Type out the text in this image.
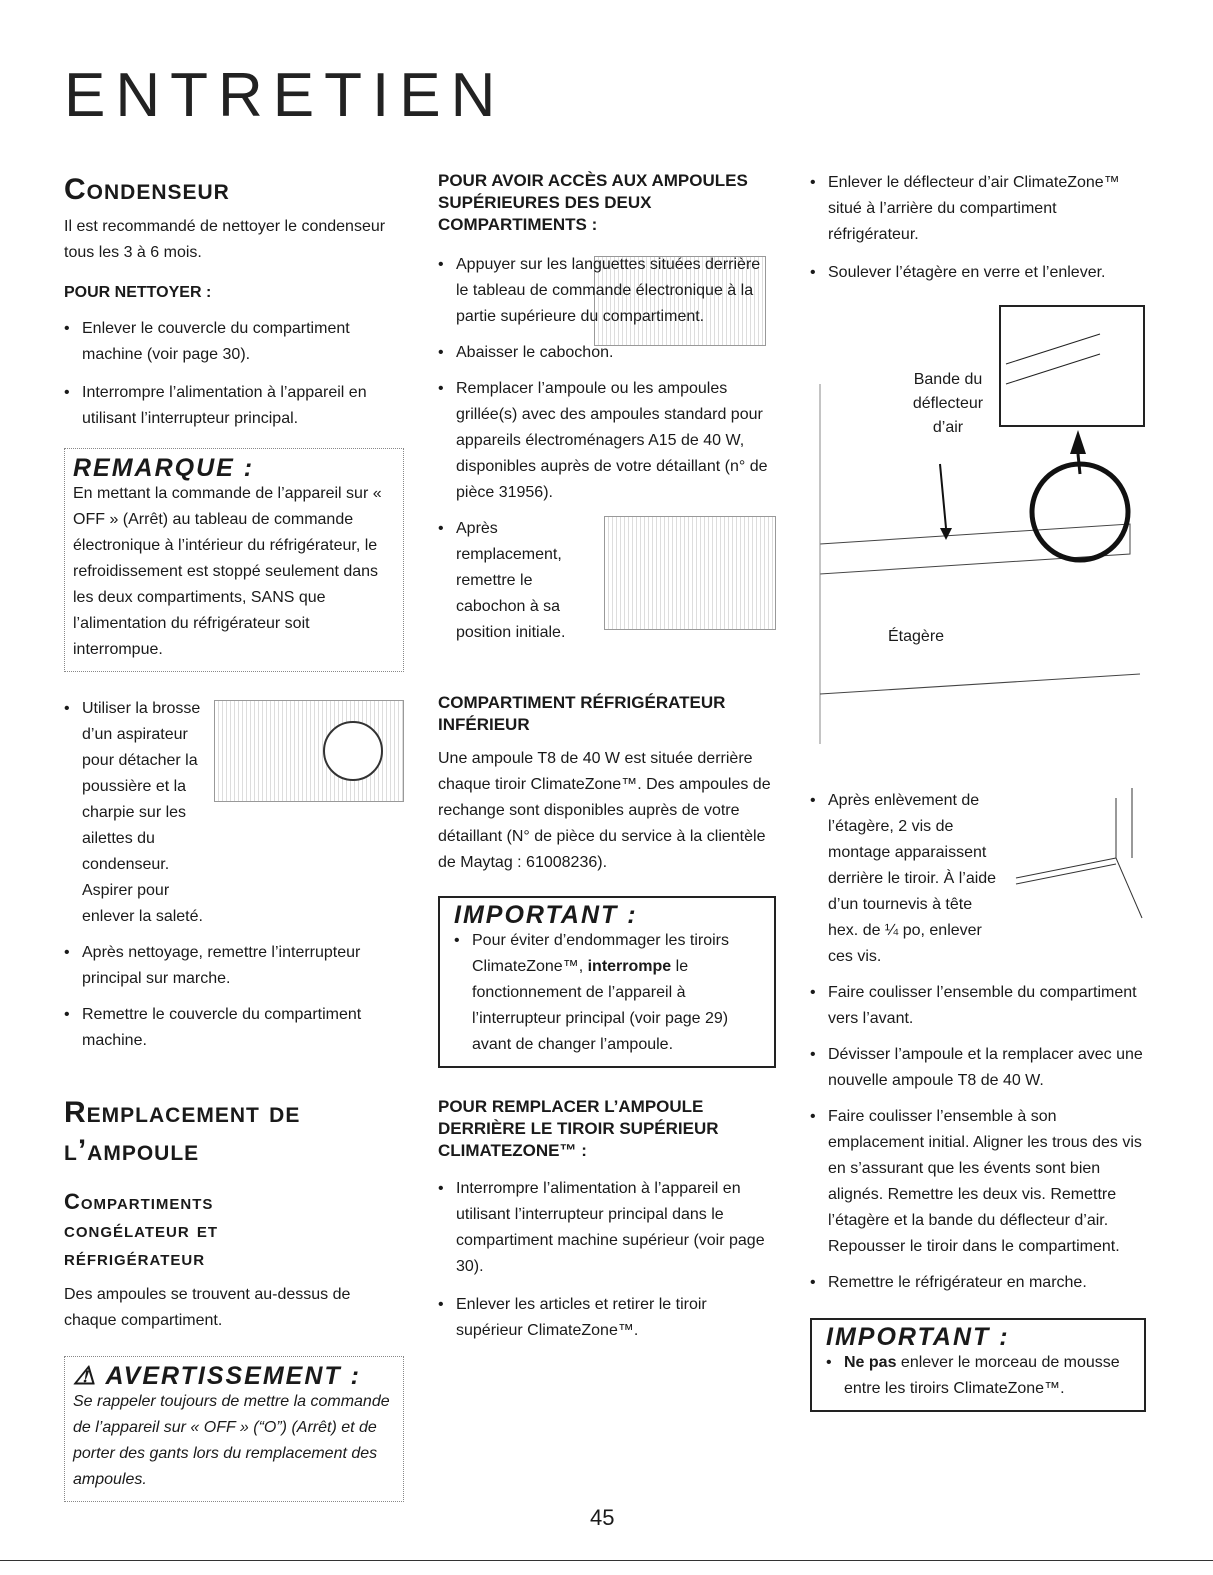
ENTRETIEN
Condenseur

Il est recommandé de nettoyer le condenseur tous les 3 à 6 mois.

POUR NETTOYER :

• Enlever le couvercle du compartiment machine (voir page 30).

• Interrompre l’alimentation à l’appareil en utilisant l’interrupteur principal.

REMARQUE :

En mettant la commande de l’appareil sur « OFF » (Arrêt) au tableau de commande électronique à l’intérieur du réfrigérateur, le refroidissement est stoppé seulement dans les deux compartiments, SANS que l’alimentation du réfrigérateur soit interrompue.

• Utiliser la brosse d’un aspirateur pour détacher la poussière et la charpie sur les ailettes du condenseur. Aspirer pour enlever la saleté.

• Après nettoyage, remettre l’interrupteur principal sur marche.

• Remettre le couvercle du compartiment machine.

Remplacement de
l’ampoule
Compartiments
congélateur et
réfrigérateur

Des ampoules se trouvent au-dessus de chaque compartiment.

⚠ AVERTISSEMENT :

Se rappeler toujours de mettre la commande de l’appareil sur « OFF » (“O”) (Arrêt) et de porter des gants lors du remplacement des ampoules.

POUR AVOIR ACCÈS AUX AMPOULES SUPÉRIEURES DES DEUX COMPARTIMENTS :

• Appuyer sur les languettes situées derrière le tableau de commande électronique à la partie supérieure du compartiment.

• Abaisser le cabochon.

• Remplacer l’ampoule ou les ampoules grillée(s) avec des ampoules standard pour appareils électroménagers A15 de 40 W, disponibles auprès de votre détaillant (n° de pièce 31956).

• Après remplacement, remettre le cabochon à sa position initiale.

COMPARTIMENT RÉFRIGÉRATEUR INFÉRIEUR

Une ampoule T8 de 40 W est située derrière chaque tiroir ClimateZone™. Des ampoules de rechange sont disponibles auprès de votre détaillant (N° de pièce du service à la clientèle de Maytag : 61008236).

IMPORTANT :

• Pour éviter d’endommager les tiroirs ClimateZone™, interrompe le fonctionnement de l’appareil à l’interrupteur principal (voir page 29) avant de changer l’ampoule.

POUR REMPLACER L’AMPOULE DERRIÈRE LE TIROIR SUPÉRIEUR CLIMATEZONE™ :

• Interrompre l’alimentation à l’appareil en utilisant l’interrupteur principal dans le compartiment machine supérieur (voir page 30).

• Enlever les articles et retirer le tiroir supérieur ClimateZone™.

• Enlever le déflecteur d’air ClimateZone™ situé à l’arrière du compartiment réfrigérateur.

• Soulever l’étagère en verre et l’enlever.

Bande du déflecteur d’air
Étagère

• Après enlèvement de l’étagère, 2 vis de montage apparaissent derrière le tiroir. À l’aide d’un tournevis à tête hex. de ¼ po, enlever ces vis.

• Faire coulisser l’ensemble du compartiment vers l’avant.

• Dévisser l’ampoule et la remplacer avec une nouvelle ampoule T8 de 40 W.

• Faire coulisser l’ensemble à son emplacement initial. Aligner les trous des vis en s’assurant que les évents sont bien alignés. Remettre les deux vis. Remettre l’étagère et la bande du déflecteur d’air. Repousser le tiroir dans le compartiment.

• Remettre le réfrigérateur en marche.

IMPORTANT :

• Ne pas enlever le morceau de mousse entre les tiroirs ClimateZone™.

45
